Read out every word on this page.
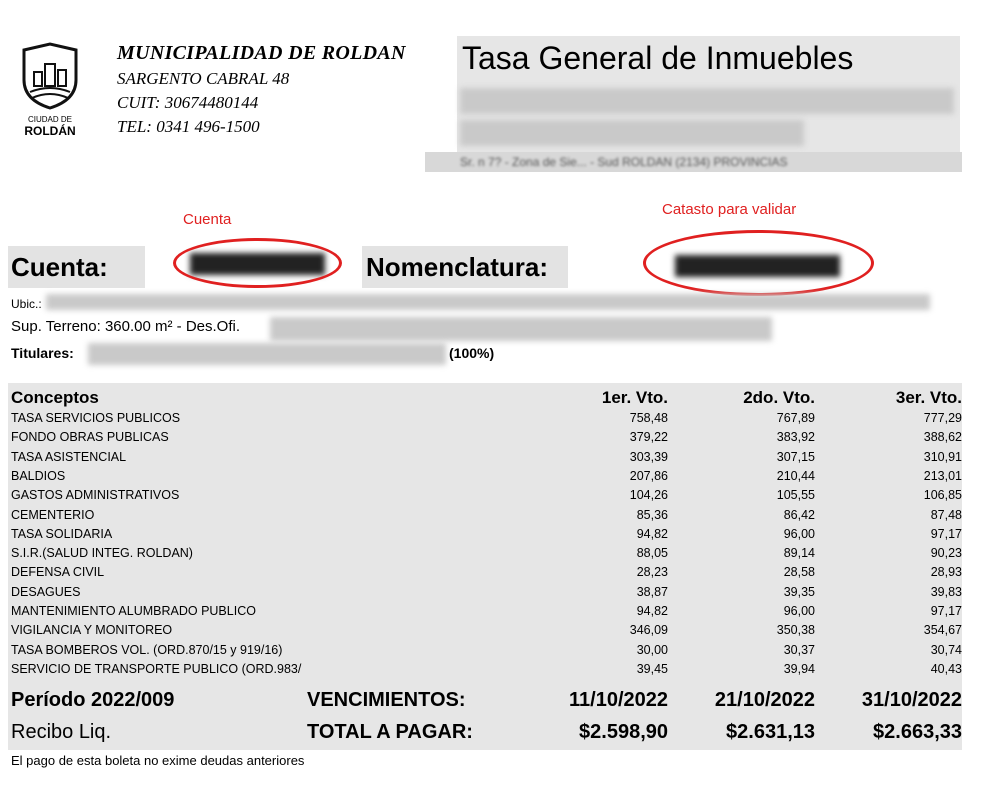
CIUDAD DE
ROLDÁN
MUNICIPALIDAD DE ROLDAN
SARGENTO CABRAL 48
CUIT: 30674480144
TEL: 0341 496-1500
Tasa General de Inmuebles
Sr. n 7? - Zona de Sie... - Sud ROLDAN (2134) PROVINCIAS
Cuenta
Catasto para validar
Cuenta:	Nomenclatura:
Ubic.:
Sup. Terreno: 360.00 m² - Des.Ofi.
Titulares:	(100%)
Conceptos	1er. Vto.	2do. Vto.	3er. Vto.
TASA SERVICIOS PUBLICOS	758,48	767,89	777,29
FONDO OBRAS PUBLICAS	379,22	383,92	388,62
TASA ASISTENCIAL	303,39	307,15	310,91
BALDIOS	207,86	210,44	213,01
GASTOS ADMINISTRATIVOS	104,26	105,55	106,85
CEMENTERIO	85,36	86,42	87,48
TASA SOLIDARIA	94,82	96,00	97,17
S.I.R.(SALUD INTEG. ROLDAN)	88,05	89,14	90,23
DEFENSA CIVIL	28,23	28,58	28,93
DESAGUES	38,87	39,35	39,83
MANTENIMIENTO ALUMBRADO PUBLICO	94,82	96,00	97,17
VIGILANCIA Y MONITOREO	346,09	350,38	354,67
TASA BOMBEROS VOL. (ORD.870/15 y 919/16)	30,00	30,37	30,74
SERVICIO DE TRANSPORTE PUBLICO (ORD.983/	39,45	39,94	40,43
Período 2022/009	VENCIMIENTOS:	11/10/2022 21/10/2022 31/10/2022
Recibo Liq.	TOTAL A PAGAR:	$2.598,90	$2.631,13	$2.663,33
El pago de esta boleta no exime deudas anteriores
